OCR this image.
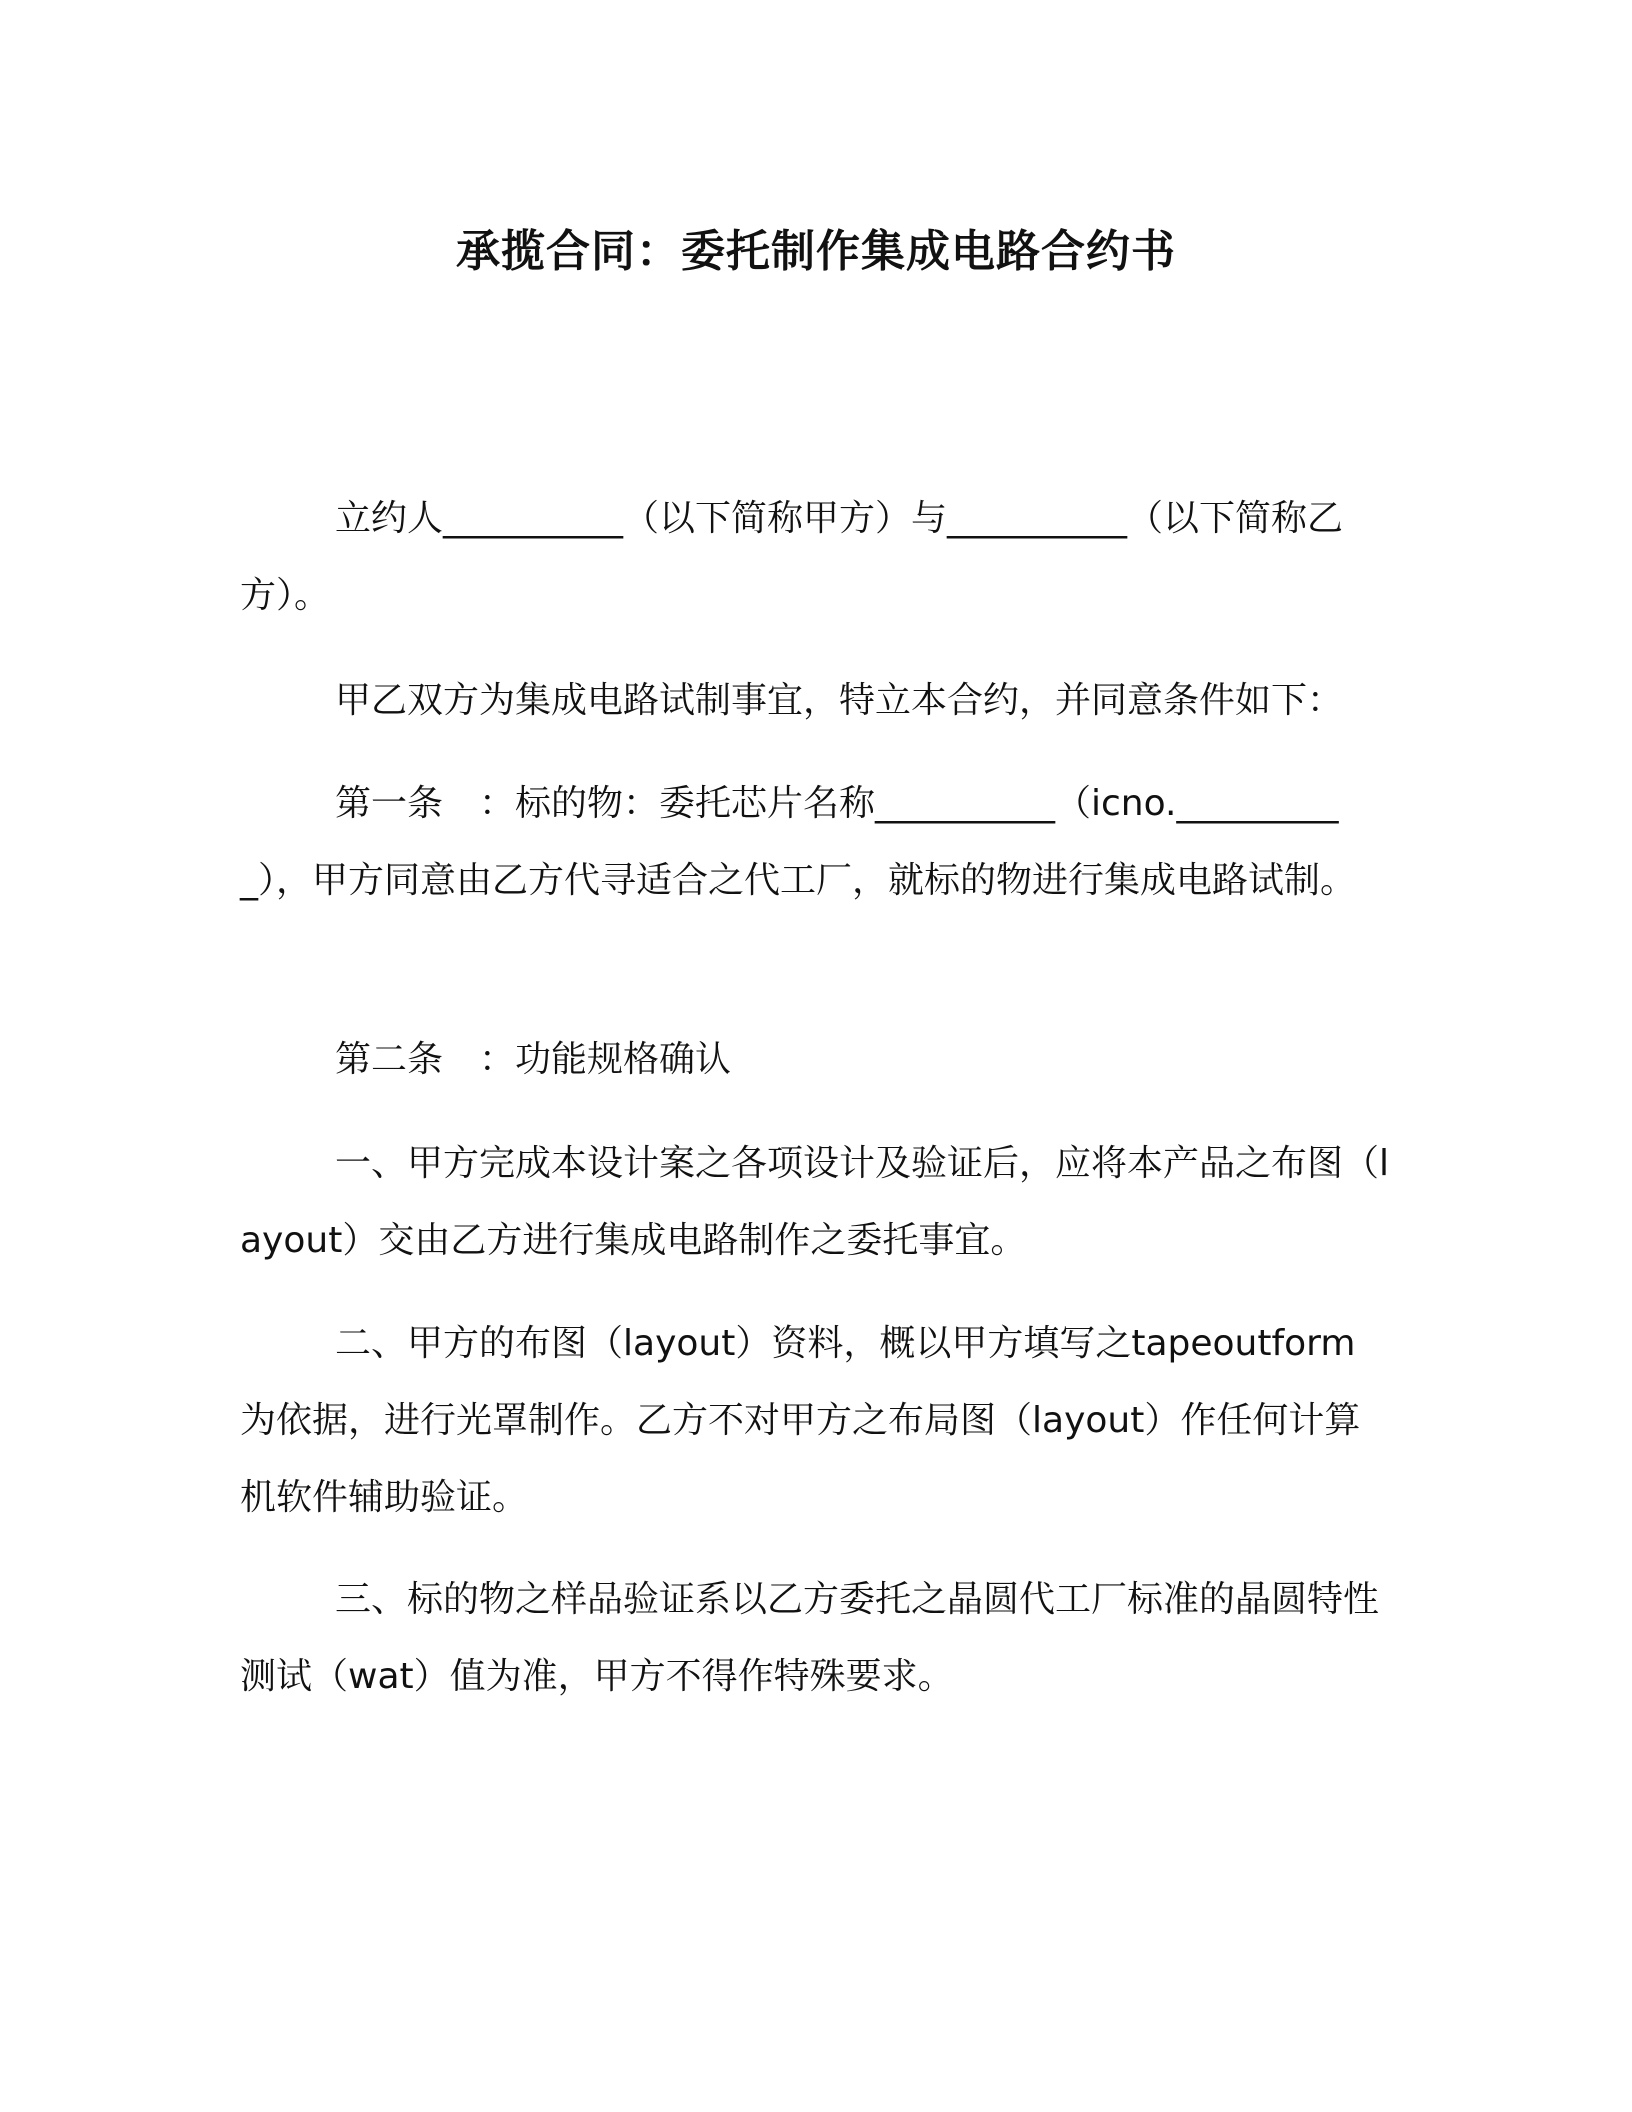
承揽合同：委托制作集成电路合约书

立约人__________（以下简称甲方）与__________（以下简称乙方）。

甲乙双方为集成电路试制事宜，特立本合约，并同意条件如下：

第一条　：标的物：委托芯片名称__________（icno.__________），甲方同意由乙方代寻适合之代工厂，就标的物进行集成电路试制。

第二条　：功能规格确认

一、甲方完成本设计案之各项设计及验证后，应将本产品之布图（layout）交由乙方进行集成电路制作之委托事宜。

二、甲方的布图（layout）资料，概以甲方填写之tapeoutform为依据，进行光罩制作。乙方不对甲方之布局图（layout）作任何计算机软件辅助验证。

三、标的物之样品验证系以乙方委托之晶圆代工厂标准的晶圆特性测试（wat）值为准，甲方不得作特殊要求。
